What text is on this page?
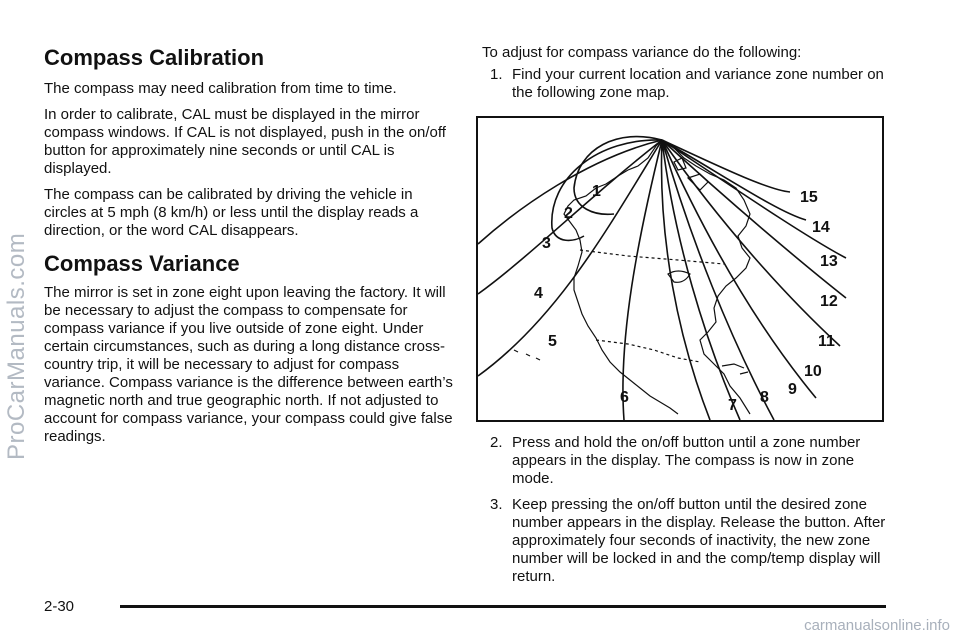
Compass Calibration

The compass may need calibration from time to time.

In order to calibrate, CAL must be displayed in the mirror compass windows. If CAL is not displayed, push in the on/off button for approximately nine seconds or until CAL is displayed.

The compass can be calibrated by driving the vehicle in circles at 5 mph (8 km/h) or less until the display reads a direction, or the word CAL disappears.

Compass Variance

The mirror is set in zone eight upon leaving the factory. It will be necessary to adjust the compass to compensate for compass variance if you live outside of zone eight. Under certain circumstances, such as during a long distance cross-country trip, it will be necessary to adjust for compass variance. Compass variance is the difference between earth’s magnetic north and true geographic north. If not adjusted to account for compass variance, your compass could give false readings.

To adjust for compass variance do the following:

1. Find your current location and variance zone number on the following zone map.
1
2
3
4
5
6	7 8 9
10
11
12
13
14
15
2. Press and hold the on/off button until a zone number appears in the display. The compass is now in zone mode.
3. Keep pressing the on/off button until the desired zone number appears in the display. Release the button. After approximately four seconds of inactivity, the new zone number will be locked in and the comp/temp display will return.
2-30
ProCarManuals.com
carmanualsonline.info
